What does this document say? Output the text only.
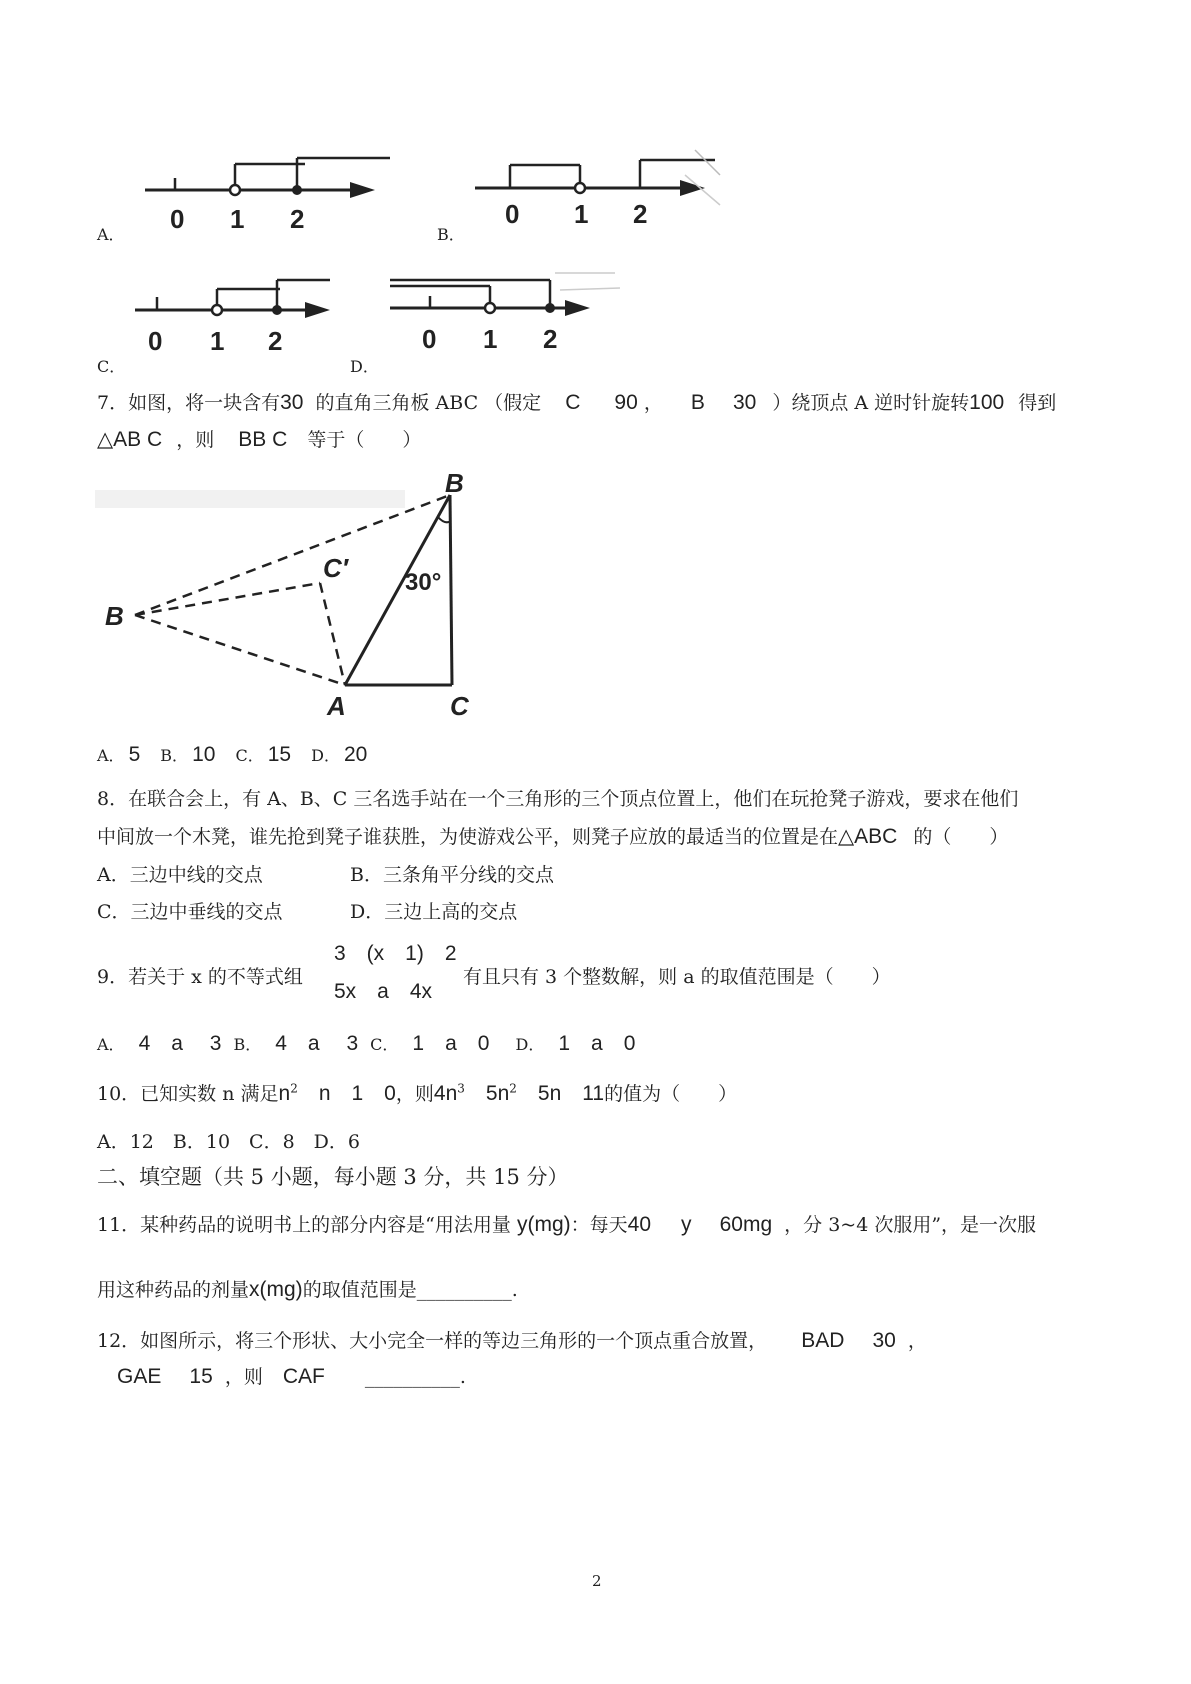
A．
0 1 2
B．
0 1 2
C．
0 1 2
D．
0 1 2
7．如图，将一块含有30 的直角三角板 ABC （假定 C 90 ， B 30 ）绕顶点 A 逆时针旋转100 得到
△AB C ，则 BB C 等于（　　）
B
B
C′ 30°
A	C
A． 5 B． 10 C． 15 D． 20
8．在联合会上，有 A、B、C 三名选手站在一个三角形的三个顶点位置上，他们在玩抢凳子游戏，要求在他们
中间放一个木凳，谁先抢到凳子谁获胜，为使游戏公平，则凳子应放的最适当的位置是在△ABC 的（　　）
A．三边中线的交点	B．三条角平分线的交点
C．三边中垂线的交点	D．三边上高的交点
9．若关于 x 的不等式组
3　(x　1)　2
5x　a　4x
有且只有 3 个整数解，则 a 的取值范围是（　　）
A． 4　a　 3 B． 4　a　 3 C． 1　a　0 D． 1　a　0
10．已知实数 n 满足$n^2$　n　1　0，则$4n^3$　$5n^2$　5n　11的值为（　　）
A．12　B．10　C．8　D．6
二、填空题（共 5 小题，每小题 3 分，共 15 分）
11．某种药品的说明书上的部分内容是“用法用量 y(mg)：每天40 y 60mg ，分 3~4 次服用”，是一次服
用这种药品的剂量x(mg)的取值范围是__________.
12．如图所示，将三个形状、大小完全一样的等边三角形的一个顶点重合放置， BAD 30 ，
GAE 15 ，则 CAF __________.
2
